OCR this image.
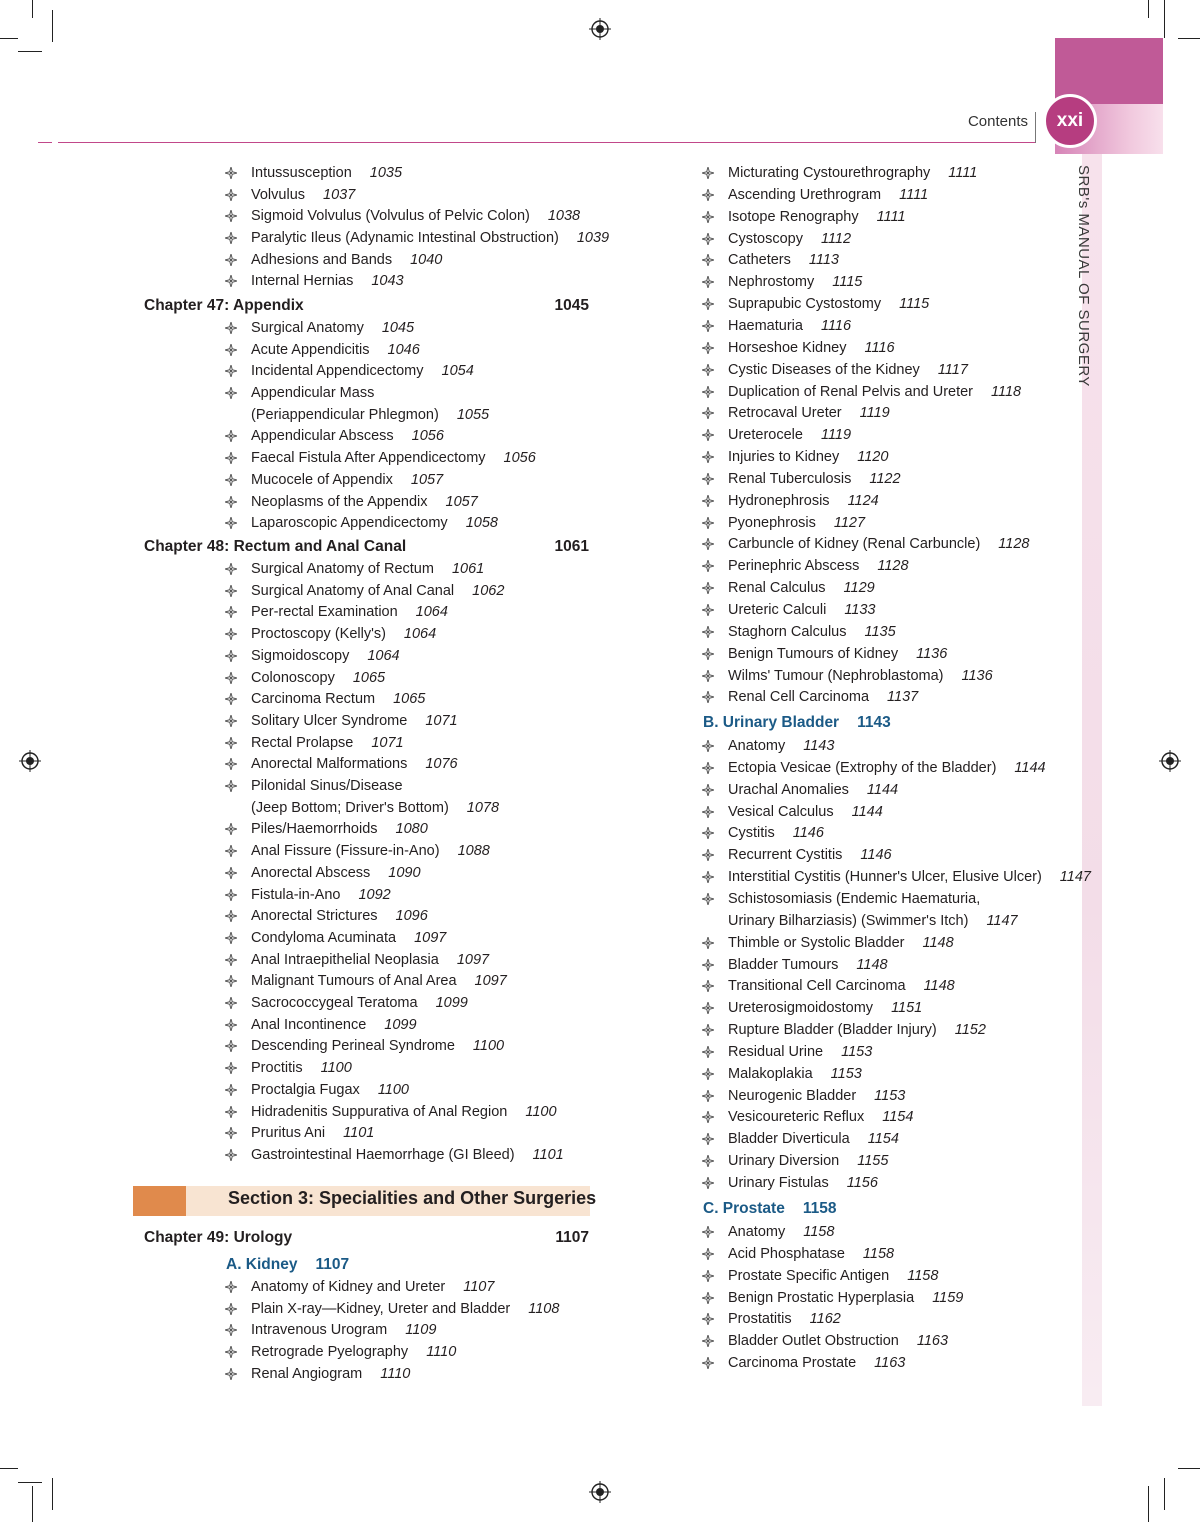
Contents xxi
SRB's MANUAL OF SURGERY
Section 3: Specialities and Other Surgeries
Intussusception 1035
Volvulus 1037
Sigmoid Volvulus (Volvulus of Pelvic Colon) 1038
Paralytic Ileus (Adynamic Intestinal Obstruction) 1039
Adhesions and Bands 1040
Internal Hernias 1043
Chapter 47: Appendix	1045
Surgical Anatomy 1045
Acute Appendicitis 1046
Incidental Appendicectomy 1054
Appendicular Mass
(Periappendicular Phlegmon) 1055
Appendicular Abscess 1056
Faecal Fistula After Appendicectomy 1056
Mucocele of Appendix 1057
Neoplasms of the Appendix 1057
Laparoscopic Appendicectomy 1058
Chapter 48: Rectum and Anal Canal	1061
Surgical Anatomy of Rectum 1061
Surgical Anatomy of Anal Canal 1062
Per-rectal Examination 1064
Proctoscopy (Kelly's) 1064
Sigmoidoscopy 1064
Colonoscopy 1065
Carcinoma Rectum 1065
Solitary Ulcer Syndrome 1071
Rectal Prolapse 1071
Anorectal Malformations 1076
Pilonidal Sinus/Disease
(Jeep Bottom; Driver's Bottom) 1078
Piles/Haemorrhoids 1080
Anal Fissure (Fissure-in-Ano) 1088
Anorectal Abscess 1090
Fistula-in-Ano 1092
Anorectal Strictures 1096
Condyloma Acuminata 1097
Anal Intraepithelial Neoplasia 1097
Malignant Tumours of Anal Area 1097
Sacrococcygeal Teratoma 1099
Anal Incontinence 1099
Descending Perineal Syndrome 1100
Proctitis 1100
Proctalgia Fugax 1100
Hidradenitis Suppurativa of Anal Region 1100
Pruritus Ani 1101
Gastrointestinal Haemorrhage (GI Bleed) 1101
Chapter 49: Urology	1107
A. Kidney 1107
Anatomy of Kidney and Ureter 1107
Plain X-ray—Kidney, Ureter and Bladder 1108
Intravenous Urogram 1109
Retrograde Pyelography 1110
Renal Angiogram 1110
Micturating Cystourethrography 1111
Ascending Urethrogram 1111
Isotope Renography 1111
Cystoscopy 1112
Catheters 1113
Nephrostomy 1115
Suprapubic Cystostomy 1115
Haematuria 1116
Horseshoe Kidney 1116
Cystic Diseases of the Kidney 1117
Duplication of Renal Pelvis and Ureter 1118
Retrocaval Ureter 1119
Ureterocele 1119
Injuries to Kidney 1120
Renal Tuberculosis 1122
Hydronephrosis 1124
Pyonephrosis 1127
Carbuncle of Kidney (Renal Carbuncle) 1128
Perinephric Abscess 1128
Renal Calculus 1129
Ureteric Calculi 1133
Staghorn Calculus 1135
Benign Tumours of Kidney 1136
Wilms' Tumour (Nephroblastoma) 1136
Renal Cell Carcinoma 1137
B. Urinary Bladder 1143
Anatomy 1143
Ectopia Vesicae (Extrophy of the Bladder) 1144
Urachal Anomalies 1144
Vesical Calculus 1144
Cystitis 1146
Recurrent Cystitis 1146
Interstitial Cystitis (Hunner's Ulcer, Elusive Ulcer) 1147
Schistosomiasis (Endemic Haematuria,
Urinary Bilharziasis) (Swimmer's Itch) 1147
Thimble or Systolic Bladder 1148
Bladder Tumours 1148
Transitional Cell Carcinoma 1148
Ureterosigmoidostomy 1151
Rupture Bladder (Bladder Injury) 1152
Residual Urine 1153
Malakoplakia 1153
Neurogenic Bladder 1153
Vesicoureteric Reflux 1154
Bladder Diverticula 1154
Urinary Diversion 1155
Urinary Fistulas 1156
C. Prostate 1158
Anatomy 1158
Acid Phosphatase 1158
Prostate Specific Antigen 1158
Benign Prostatic Hyperplasia 1159
Prostatitis 1162
Bladder Outlet Obstruction 1163
Carcinoma Prostate 1163
